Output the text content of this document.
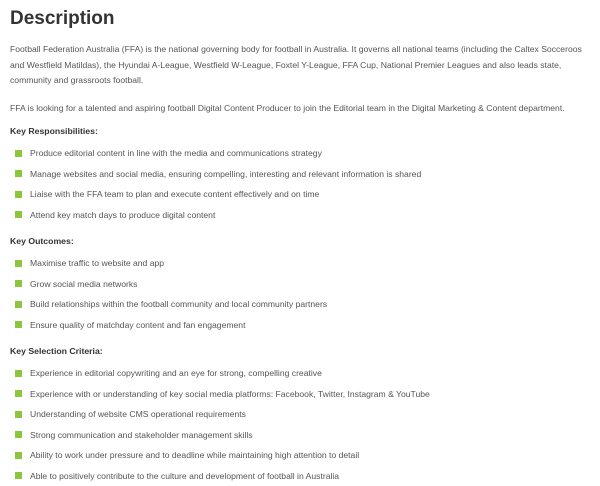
Description

Football Federation Australia (FFA) is the national governing body for football in Australia. It governs all national teams (including the Caltex Socceroos and Westfield Matildas), the Hyundai A-League, Westfield W-League, Foxtel Y-League, FFA Cup, National Premier Leagues and also leads state, community and grassroots football.

FFA is looking for a talented and aspiring football Digital Content Producer to join the Editorial team in the Digital Marketing & Content department.

Key Responsibilities:
Produce editorial content in line with the media and communications strategy
Manage websites and social media, ensuring compelling, interesting and relevant information is shared
Liaise with the FFA team to plan and execute content effectively and on time
Attend key match days to produce digital content
Key Outcomes:
Maximise traffic to website and app
Grow social media networks
Build relationships within the football community and local community partners
Ensure quality of matchday content and fan engagement
Key Selection Criteria:
Experience in editorial copywriting and an eye for strong, compelling creative
Experience with or understanding of key social media platforms: Facebook, Twitter, Instagram & YouTube
Understanding of website CMS operational requirements
Strong communication and stakeholder management skills
Ability to work under pressure and to deadline while maintaining high attention to detail
Able to positively contribute to the culture and development of football in Australia
